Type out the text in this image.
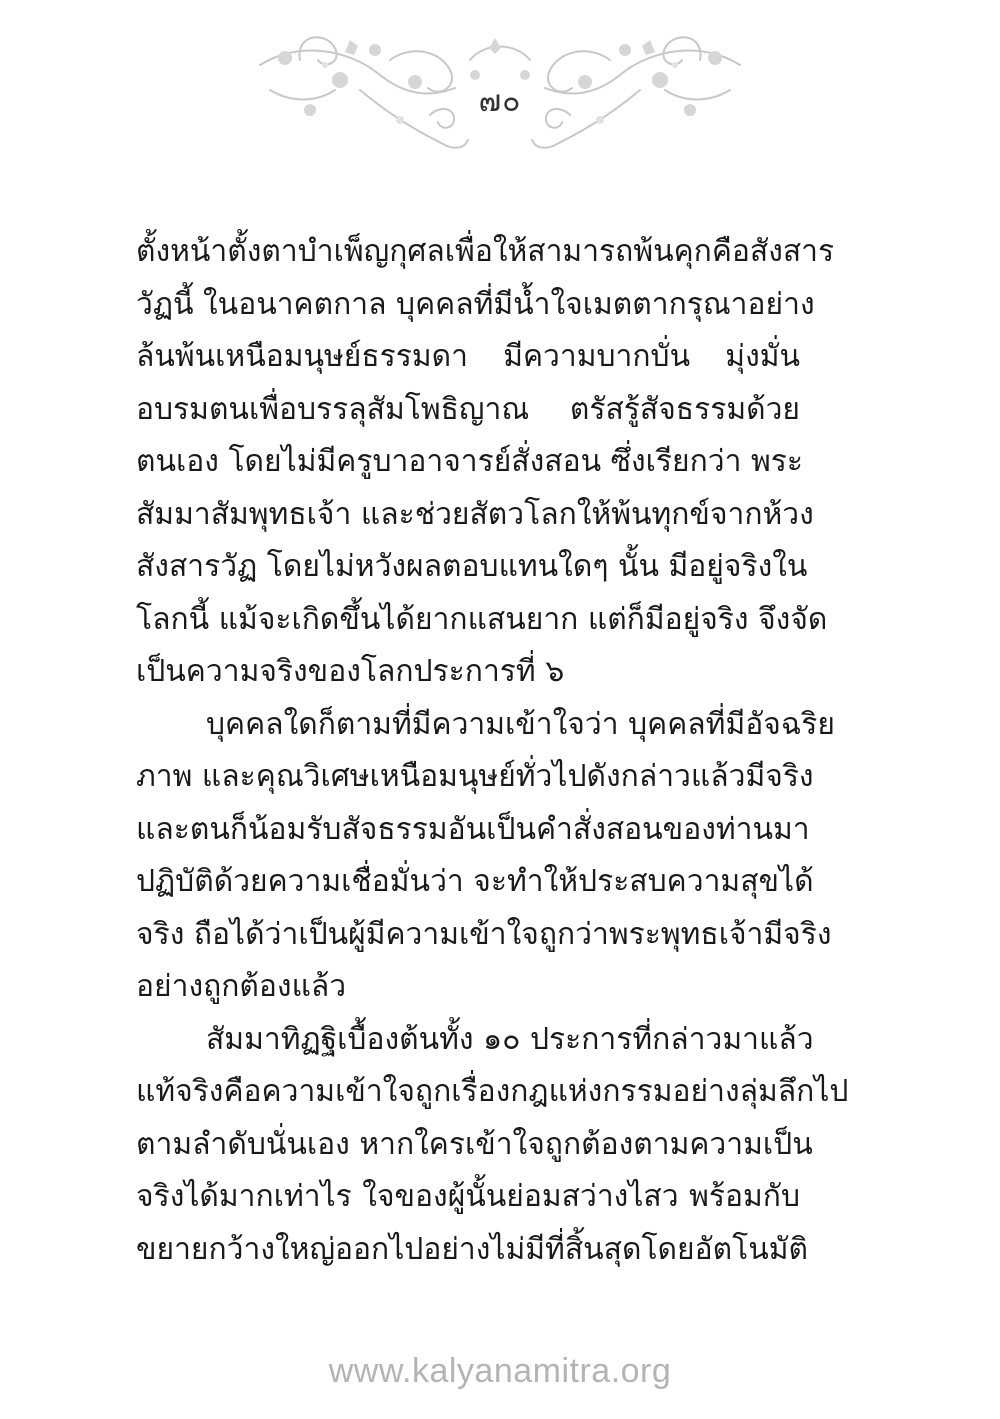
๗๐
ตั้งหน้าตั้งตาบำเพ็ญกุศลเพื่อให้สามารถพ้นคุกคือสังสาร
วัฏนี้ ในอนาคตกาล บุคคลที่มีน้ำใจเมตตากรุณาอย่าง
ล้นพ้นเหนือมนุษย์ธรรมดา มีความบากบั่น มุ่งมั่น
อบรมตนเพื่อบรรลุสัมโพธิญาณ ตรัสรู้สัจธรรมด้วย
ตนเอง โดยไม่มีครูบาอาจารย์สั่งสอน ซึ่งเรียกว่า พระ
สัมมาสัมพุทธเจ้า และช่วยสัตวโลกให้พ้นทุกข์จากห้วง
สังสารวัฏ โดยไม่หวังผลตอบแทนใดๆ นั้น มีอยู่จริงใน
โลกนี้ แม้จะเกิดขึ้นได้ยากแสนยาก แต่ก็มีอยู่จริง จึงจัด
เป็นความจริงของโลกประการที่ ๖
บุคคลใดก็ตามที่มีความเข้าใจว่า บุคคลที่มีอัจฉริย
ภาพ และคุณวิเศษเหนือมนุษย์ทั่วไปดังกล่าวแล้วมีจริง
และตนก็น้อมรับสัจธรรมอันเป็นคำสั่งสอนของท่านมา
ปฏิบัติด้วยความเชื่อมั่นว่า จะทำให้ประสบความสุขได้
จริง ถือได้ว่าเป็นผู้มีความเข้าใจถูกว่าพระพุทธเจ้ามีจริง
อย่างถูกต้องแล้ว
สัมมาทิฏฐิเบื้องต้นทั้ง ๑๐ ประการที่กล่าวมาแล้ว
แท้จริงคือความเข้าใจถูกเรื่องกฎแห่งกรรมอย่างลุ่มลึกไป
ตามลำดับนั่นเอง หากใครเข้าใจถูกต้องตามความเป็น
จริงได้มากเท่าไร ใจของผู้นั้นย่อมสว่างไสว พร้อมกับ
ขยายกว้างใหญ่ออกไปอย่างไม่มีที่สิ้นสุดโดยอัตโนมัติ
www.kalyanamitra.org
